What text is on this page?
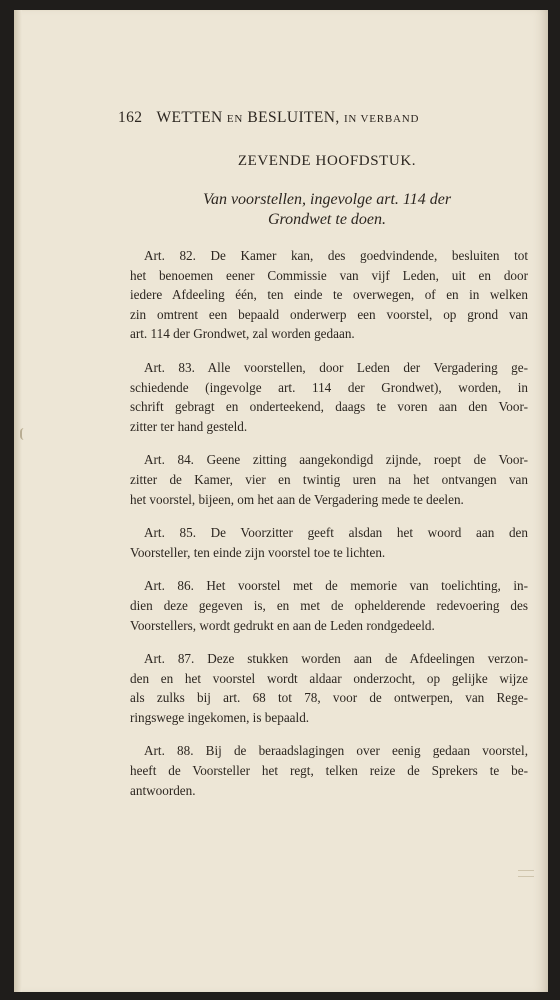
162 WETTEN
EN
BESLUITEN,
IN VERBAND
ZEVENDE HOOFDSTUK.
Van voorstellen, ingevolge art. 114 der
Grondwet te doen.
Art. 82. De Kamer kan, des goedvindende, besluiten tot
het benoemen eener Commissie van vijf Leden, uit en door
iedere Afdeeling één, ten einde te overwegen, of en in welken
zin omtrent een bepaald onderwerp een voorstel, op grond van
art. 114 der Grondwet, zal worden gedaan.
Art. 83. Alle voorstellen, door Leden der Vergadering ge-
schiedende (ingevolge art. 114 der Grondwet), worden, in
schrift gebragt en onderteekend, daags te voren aan den Voor-
zitter ter hand gesteld.
Art. 84. Geene zitting aangekondigd zijnde, roept de Voor-
zitter de Kamer, vier en twintig uren na het ontvangen van
het voorstel, bijeen, om het aan de Vergadering mede te deelen.
Art. 85. De Voorzitter geeft alsdan het woord aan den
Voorsteller, ten einde zijn voorstel toe te lichten.
Art. 86. Het voorstel met de memorie van toelichting, in-
dien deze gegeven is, en met de ophelderende redevoering des
Voorstellers, wordt gedrukt en aan de Leden rondgedeeld.
Art. 87. Deze stukken worden aan de Afdeelingen verzon-
den en het voorstel wordt aldaar onderzocht, op gelijke wijze
als zulks bij art. 68 tot 78, voor de ontwerpen, van Rege-
ringswege ingekomen, is bepaald.
Art. 88. Bij de beraadslagingen over eenig gedaan voorstel,
heeft de Voorsteller het regt, telken reize de Sprekers te be-
antwoorden.
